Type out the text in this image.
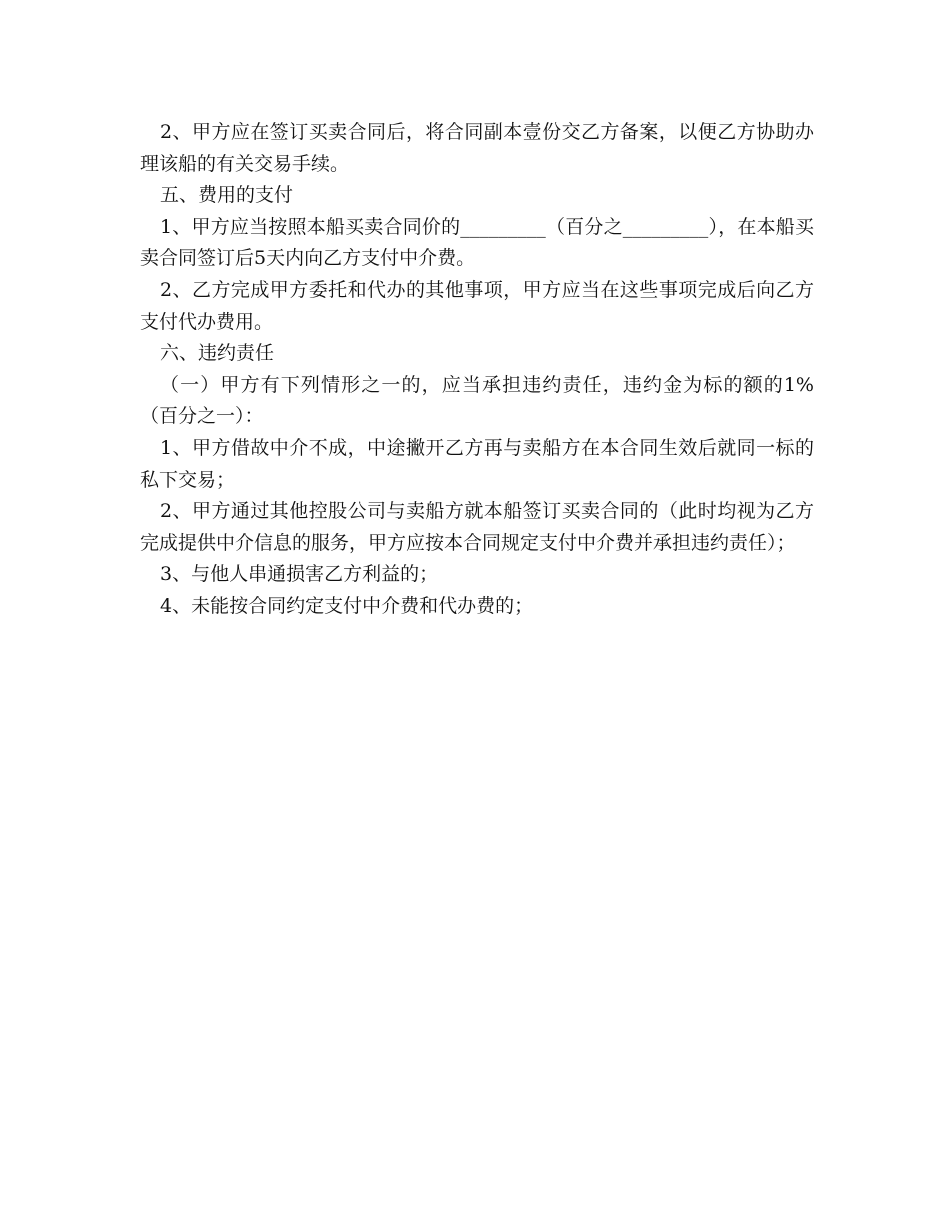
2、甲方应在签订买卖合同后，将合同副本壹份交乙方备案，以便乙方协助办理该船的有关交易手续。

五、费用的支付

1、甲方应当按照本船买卖合同价的_________（百分之_________），在本船买卖合同签订后5天内向乙方支付中介费。

2、乙方完成甲方委托和代办的其他事项，甲方应当在这些事项完成后向乙方支付代办费用。

六、违约责任

（一）甲方有下列情形之一的，应当承担违约责任，违约金为标的额的1%（百分之一）：

1、甲方借故中介不成，中途撇开乙方再与卖船方在本合同生效后就同一标的私下交易；

2、甲方通过其他控股公司与卖船方就本船签订买卖合同的（此时均视为乙方完成提供中介信息的服务，甲方应按本合同规定支付中介费并承担违约责任）；

3、与他人串通损害乙方利益的；

4、未能按合同约定支付中介费和代办费的；
